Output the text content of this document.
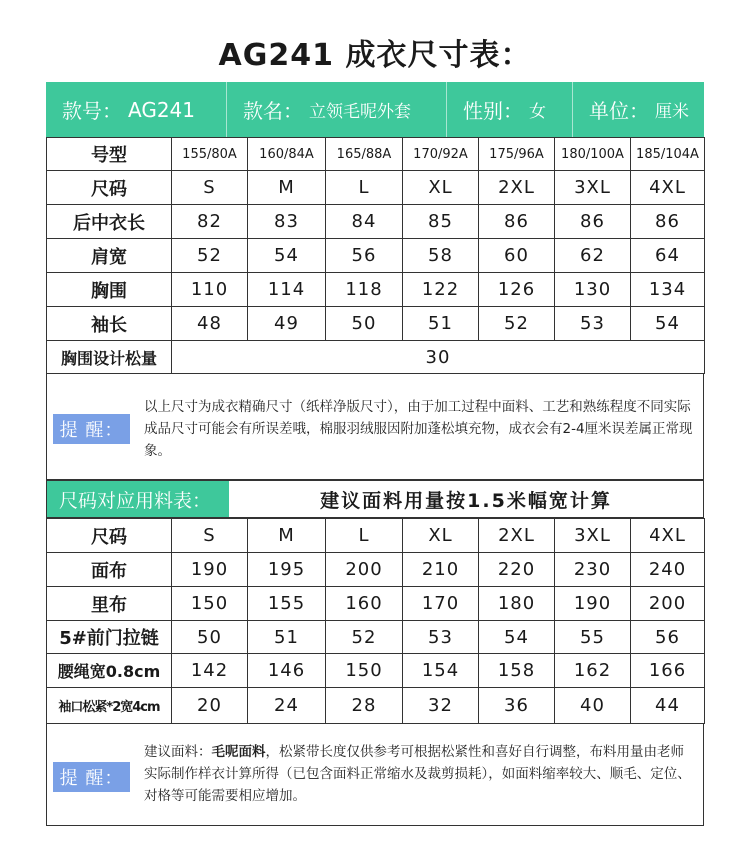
AG241 成衣尺寸表：
款号： AG241 款名： 立领毛呢外套	性别： 女 单位： 厘米
号型	155/80A	160/84A	165/88A	170/92A	175/96A	180/100A	185/104A
尺码	S	M	L	XL	2XL	3XL	4XL
后中衣长	82	83	84	85	86	86	86
肩宽	52	54	56	58	60	62	64
胸围	110	114	118	122	126	130	134
袖长	48	49	50	51	52	53	54
胸围设计松量	30						
提 醒：
以上尺寸为成衣精确尺寸（纸样净版尺寸），由于加工过程中面料、工艺和熟练程度不同实际成品尺寸可能会有所误差哦，棉服羽绒服因附加蓬松填充物，成衣会有2-4厘米误差属正常现象。
尺码对应用料表：	建议面料用量按1.5米幅宽计算
尺码	S	M	L	XL	2XL	3XL	4XL
面布	190	195	200	210	220	230	240
里布	150	155	160	170	180	190	200
5#前门拉链	50	51	52	53	54	55	56
腰绳宽0.8cm	142	146	150	154	158	162	166
袖口松紧*2宽4cm	20	24	28	32	36	40	44
提 醒：
建议面料：毛呢面料，松紧带长度仅供参考可根据松紧性和喜好自行调整，布料用量由老师实际制作样衣计算所得（已包含面料正常缩水及裁剪损耗），如面料缩率较大、顺毛、定位、对格等可能需要相应增加。
